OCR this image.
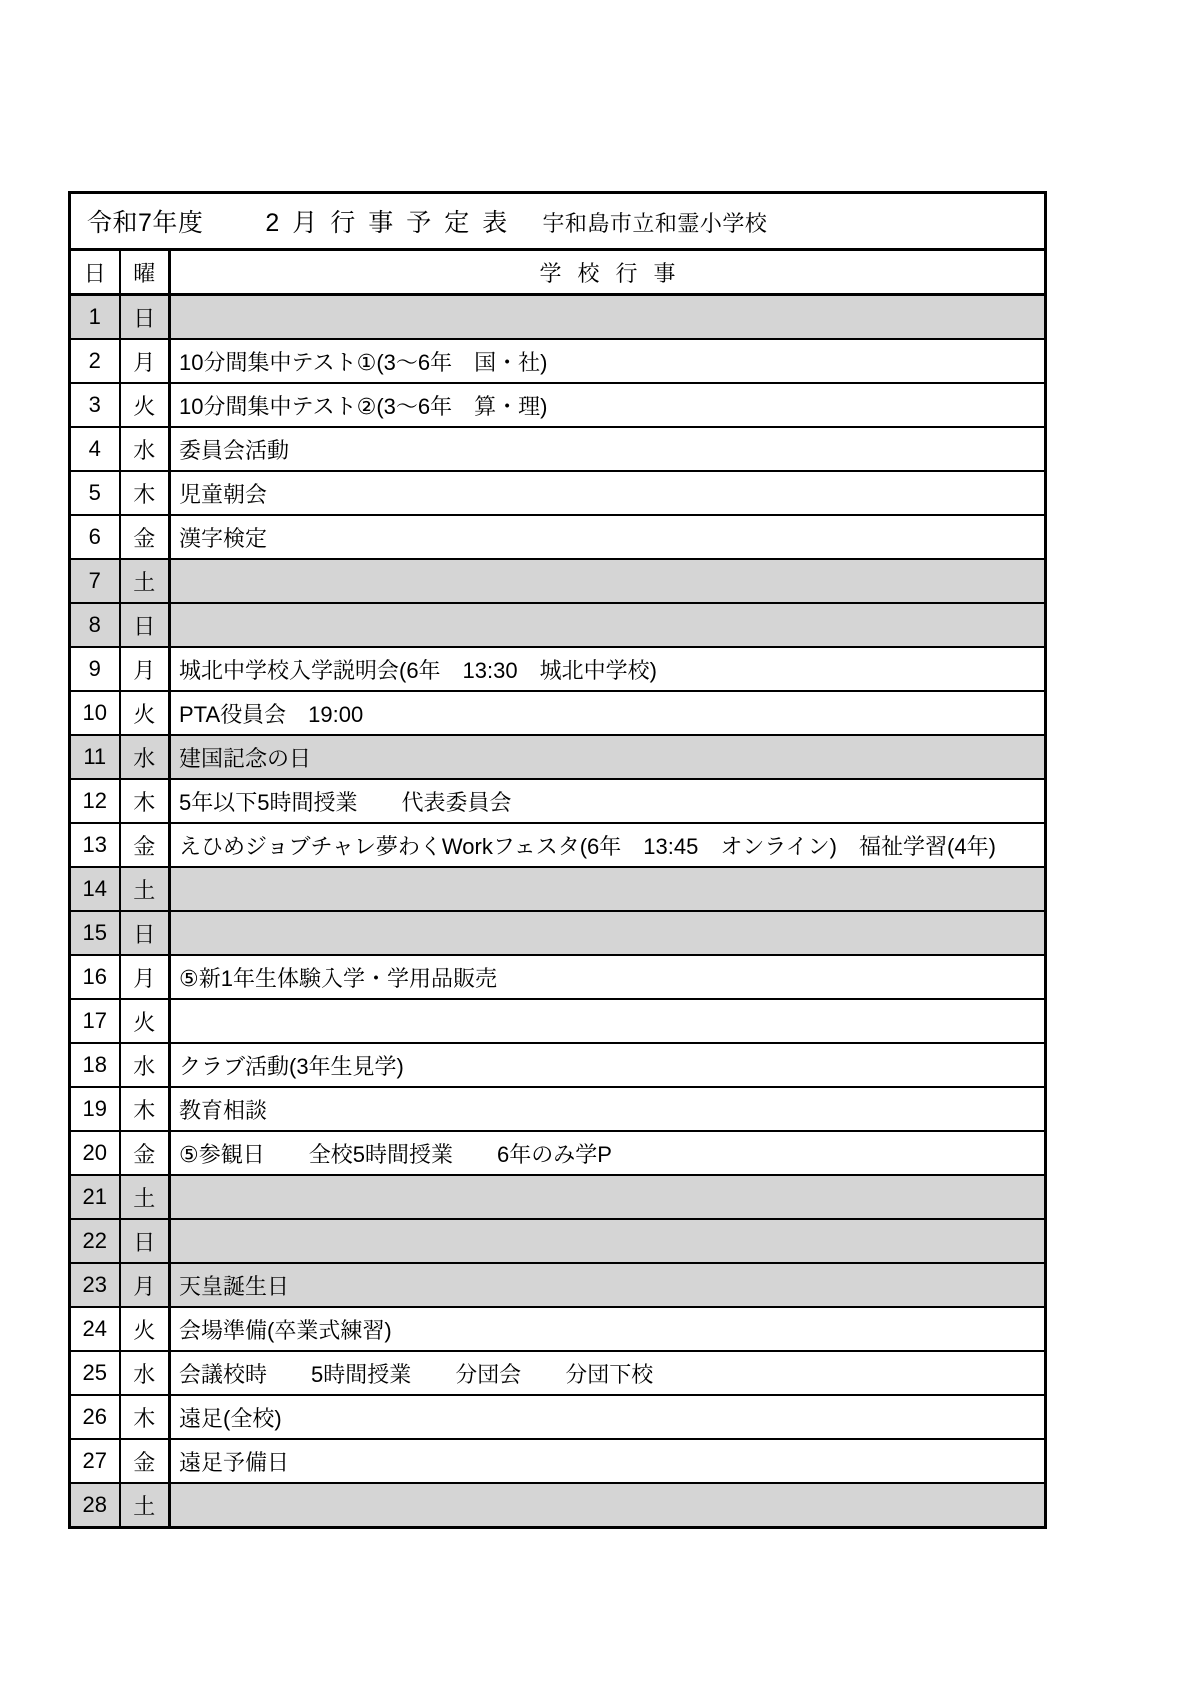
令和7年度 2月行事予定表 宇和島市立和霊小学校		

日	曜	学校行事
1	日	
2	月	10分間集中テスト①(3～6年　国・社)
3	火	10分間集中テスト②(3～6年　算・理)
4	水	委員会活動
5	木	児童朝会
6	金	漢字検定
7	土	
8	日	
9	月	城北中学校入学説明会(6年　13:30　城北中学校)
10	火	PTA役員会　19:00
11	水	建国記念の日
12	木	5年以下5時間授業　　代表委員会
13	金	えひめジョブチャレ夢わくWorkフェスタ(6年　13:45　オンライン)　福祉学習(4年)
14	土	
15	日	
16	月	⑤新1年生体験入学・学用品販売
17	火	
18	水	クラブ活動(3年生見学)
19	木	教育相談
20	金	⑤参観日　　全校5時間授業　　6年のみ学P
21	土	
22	日	
23	月	天皇誕生日
24	火	会場準備(卒業式練習)
25	水	会議校時　　5時間授業　　分団会　　分団下校
26	木	遠足(全校)
27	金	遠足予備日
28	土	
